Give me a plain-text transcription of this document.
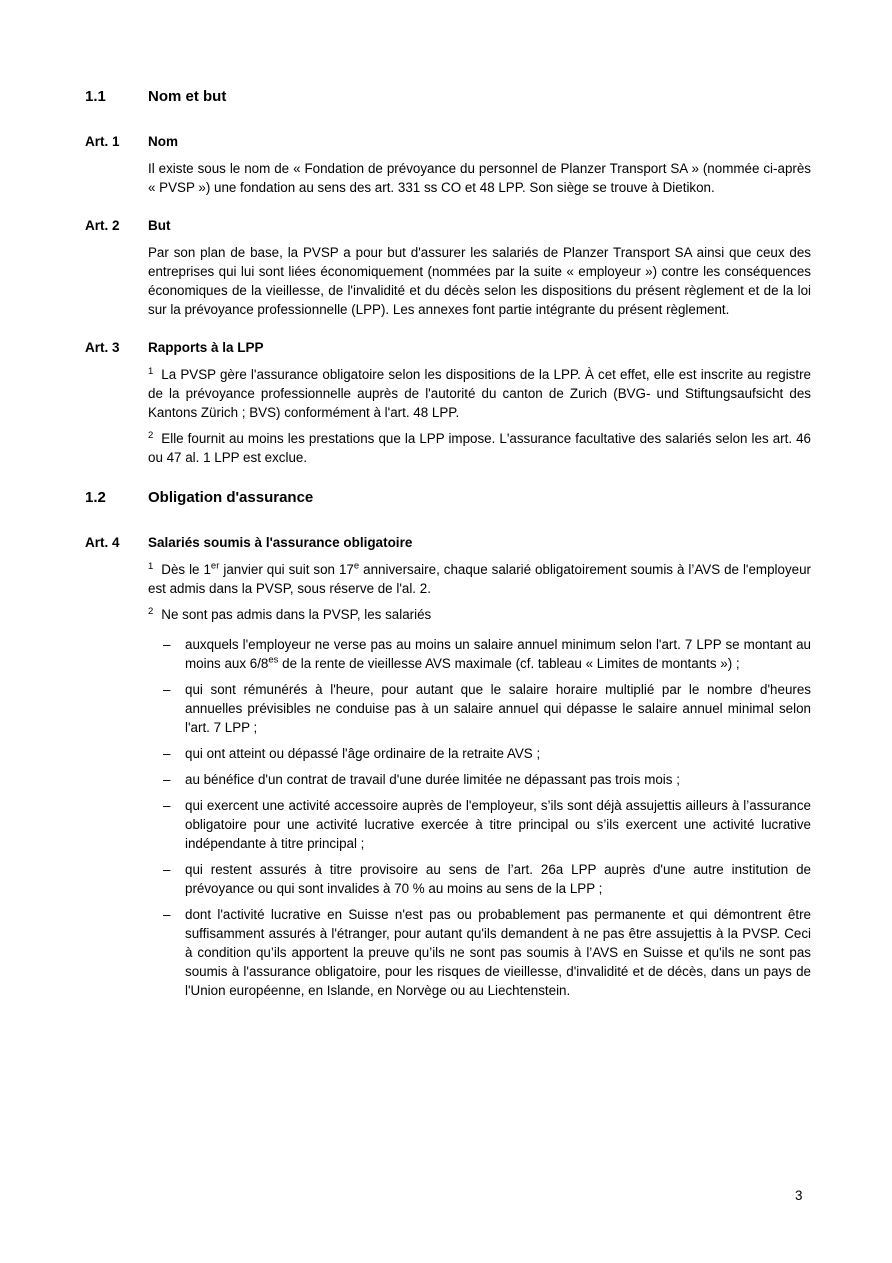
1.1	Nom et but
Art. 1	Nom
Il existe sous le nom de « Fondation de prévoyance du personnel de Planzer Transport SA » (nommée ci-après « PVSP ») une fondation au sens des art. 331 ss CO et 48 LPP. Son siège se trouve à Dietikon.
Art. 2	But
Par son plan de base, la PVSP a pour but d'assurer les salariés de Planzer Transport SA ainsi que ceux des entreprises qui lui sont liées économiquement (nommées par la suite « employeur ») contre les conséquences économiques de la vieillesse, de l'invalidité et du décès selon les dispositions du présent règlement et de la loi sur la prévoyance professionnelle (LPP). Les annexes font partie intégrante du présent règlement.
Art. 3	Rapports à la LPP
$^1$ La PVSP gère l'assurance obligatoire selon les dispositions de la LPP. À cet effet, elle est inscrite au registre de la prévoyance professionnelle auprès de l'autorité du canton de Zurich (BVG- und Stiftungsaufsicht des Kantons Zürich ; BVS) conformément à l'art. 48 LPP.
$^2$ Elle fournit au moins les prestations que la LPP impose. L'assurance facultative des salariés selon les art. 46 ou 47 al. 1 LPP est exclue.
1.2	Obligation d'assurance
Art. 4	Salariés soumis à l'assurance obligatoire
$^1$ Dès le 1er janvier qui suit son 17e anniversaire, chaque salarié obligatoirement soumis à l’AVS de l'employeur est admis dans la PVSP, sous réserve de l'al. 2.
$^2$ Ne sont pas admis dans la PVSP, les salariés
– auxquels l'employeur ne verse pas au moins un salaire annuel minimum selon l'art. 7 LPP se montant au moins aux $6/8^{es}$ de la rente de vieillesse AVS maximale (cf. tableau « Limites de montants ») ;
– qui sont rémunérés à l'heure, pour autant que le salaire horaire multiplié par le nombre d'heures annuelles prévisibles ne conduise pas à un salaire annuel qui dépasse le salaire annuel minimal selon l'art. 7 LPP ;
– qui ont atteint ou dépassé l'âge ordinaire de la retraite AVS ;
– au bénéfice d'un contrat de travail d'une durée limitée ne dépassant pas trois mois ;
– qui exercent une activité accessoire auprès de l'employeur, s’ils sont déjà assujettis ailleurs à l’assurance obligatoire pour une activité lucrative exercée à titre principal ou s’ils exercent une activité lucrative indépendante à titre principal ;
– qui restent assurés à titre provisoire au sens de l’art. 26a LPP auprès d'une autre institution de prévoyance ou qui sont invalides à 70 % au moins au sens de la LPP ;
– dont l'activité lucrative en Suisse n'est pas ou probablement pas permanente et qui démontrent être suffisamment assurés à l'étranger, pour autant qu'ils demandent à ne pas être assujettis à la PVSP. Ceci à condition qu’ils apportent la preuve qu’ils ne sont pas soumis à l’AVS en Suisse et qu'ils ne sont pas soumis à l'assurance obligatoire, pour les risques de vieillesse, d'invalidité et de décès, dans un pays de l'Union européenne, en Islande, en Norvège ou au Liechtenstein.
3
